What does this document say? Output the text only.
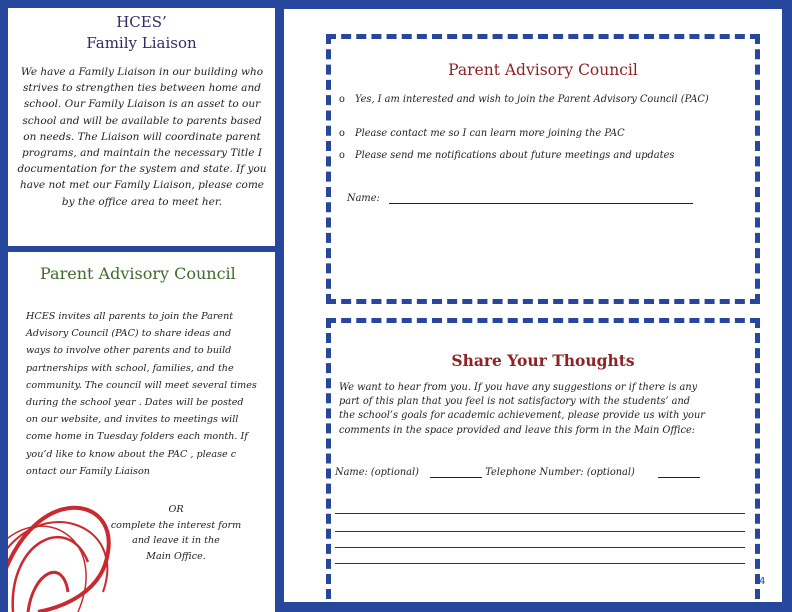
HCES’
Family Liaison
We have a Family Liaison in our building who strives to strengthen ties between home and school. Our Family Liaison is an asset to our school and will be available to parents based on needs. The Liaison will coordinate parent programs, and maintain the necessary Title I documentation for the system and state. If you have not met our Family Liaison, please come by the office area to meet her.
Parent Advisory Council

HCES invites all parents to join the Parent Advisory Council (PAC) to share ideas and ways to involve other parents and to build partnerships with school, families, and the community. The council will meet several times during the school year . Dates will be posted on our website, and invites to meetings will come home in Tuesday folders each month. If you’d like to know about the PAC , please c ontact our Family Liaison

OR
complete the interest form
and leave it in the
Main Office.
Parent Advisory Council
o Yes, I am interested and wish to join the Parent Advisory Council (PAC)
o Please contact me so I can learn more joining the PAC
o Please send me notifications about future meetings and updates
Name:
Share Your Thoughts
We want to hear from you. If you have any suggestions or if there is any part of this plan that you feel is not satisfactory with the students’ and the school’s goals for academic achievement, please provide us with your comments in the space provided and leave this form in the Main Office:
Name: (optional)	Telephone Number: (optional)
4
